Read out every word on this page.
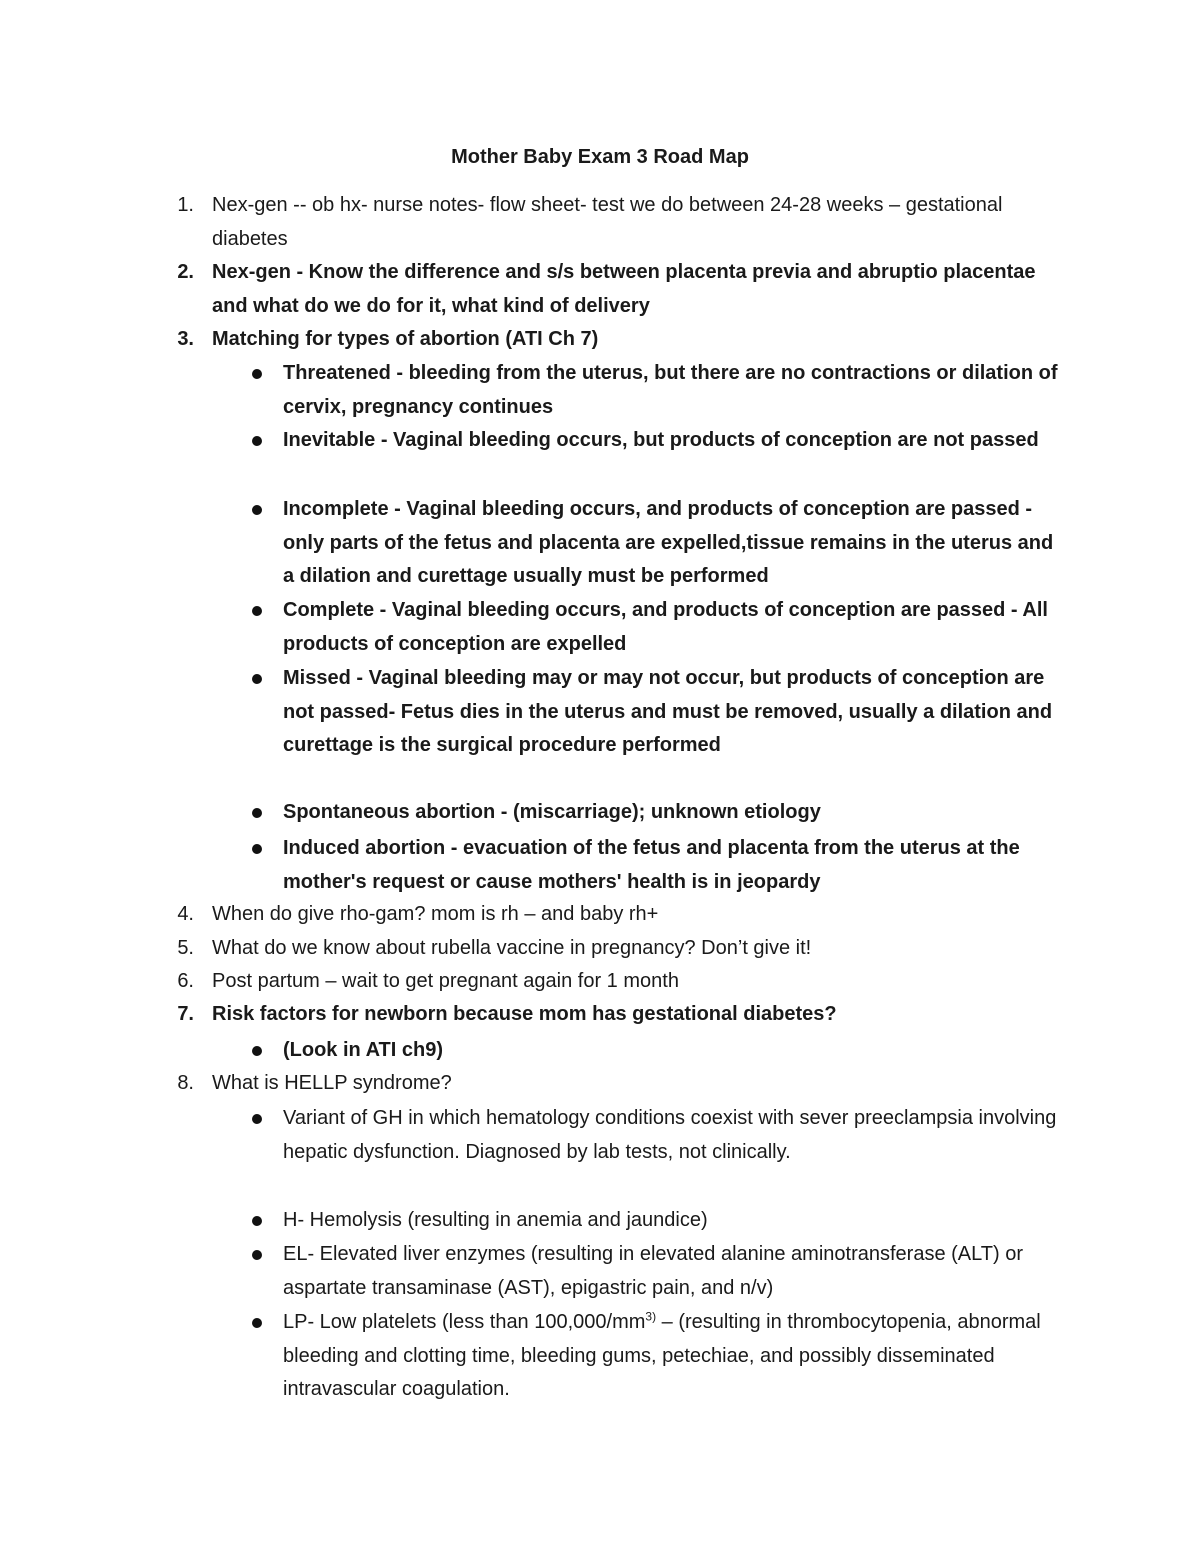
Mother Baby Exam 3 Road Map
1. Nex-gen -- ob hx- nurse notes- flow sheet- test we do between 24-28 weeks – gestational diabetes
2. Nex-gen - Know the difference and s/s between placenta previa and abruptio placentae and what do we do for it, what kind of delivery
3. Matching for types of abortion (ATI Ch 7)
Threatened - bleeding from the uterus, but there are no contractions or dilation of cervix, pregnancy continues
Inevitable - Vaginal bleeding occurs, but products of conception are not passed
Incomplete - Vaginal bleeding occurs, and products of conception are passed - only parts of the fetus and placenta are expelled,tissue remains in the uterus and a dilation and curettage usually must be performed
Complete - Vaginal bleeding occurs, and products of conception are passed - All products of conception are expelled
Missed - Vaginal bleeding may or may not occur, but products of conception are not passed- Fetus dies in the uterus and must be removed, usually a dilation and curettage is the surgical procedure performed
Spontaneous abortion - (miscarriage); unknown etiology
Induced abortion - evacuation of the fetus and placenta from the uterus at the mother's request or cause mothers' health is in jeopardy
4. When do give rho-gam? mom is rh – and baby rh+
5. What do we know about rubella vaccine in pregnancy? Don’t give it!
6. Post partum – wait to get pregnant again for 1 month
7. Risk factors for newborn because mom has gestational diabetes?
(Look in ATI ch9)
8. What is HELLP syndrome?
Variant of GH in which hematology conditions coexist with sever preeclampsia involving hepatic dysfunction. Diagnosed by lab tests, not clinically.
H- Hemolysis (resulting in anemia and jaundice)
EL- Elevated liver enzymes (resulting in elevated alanine aminotransferase (ALT) or aspartate transaminase (AST), epigastric pain, and n/v)
LP- Low platelets (less than $100,000/mm^{3)}$ – (resulting in thrombocytopenia, abnormal bleeding and clotting time, bleeding gums, petechiae, and possibly disseminated intravascular coagulation.
